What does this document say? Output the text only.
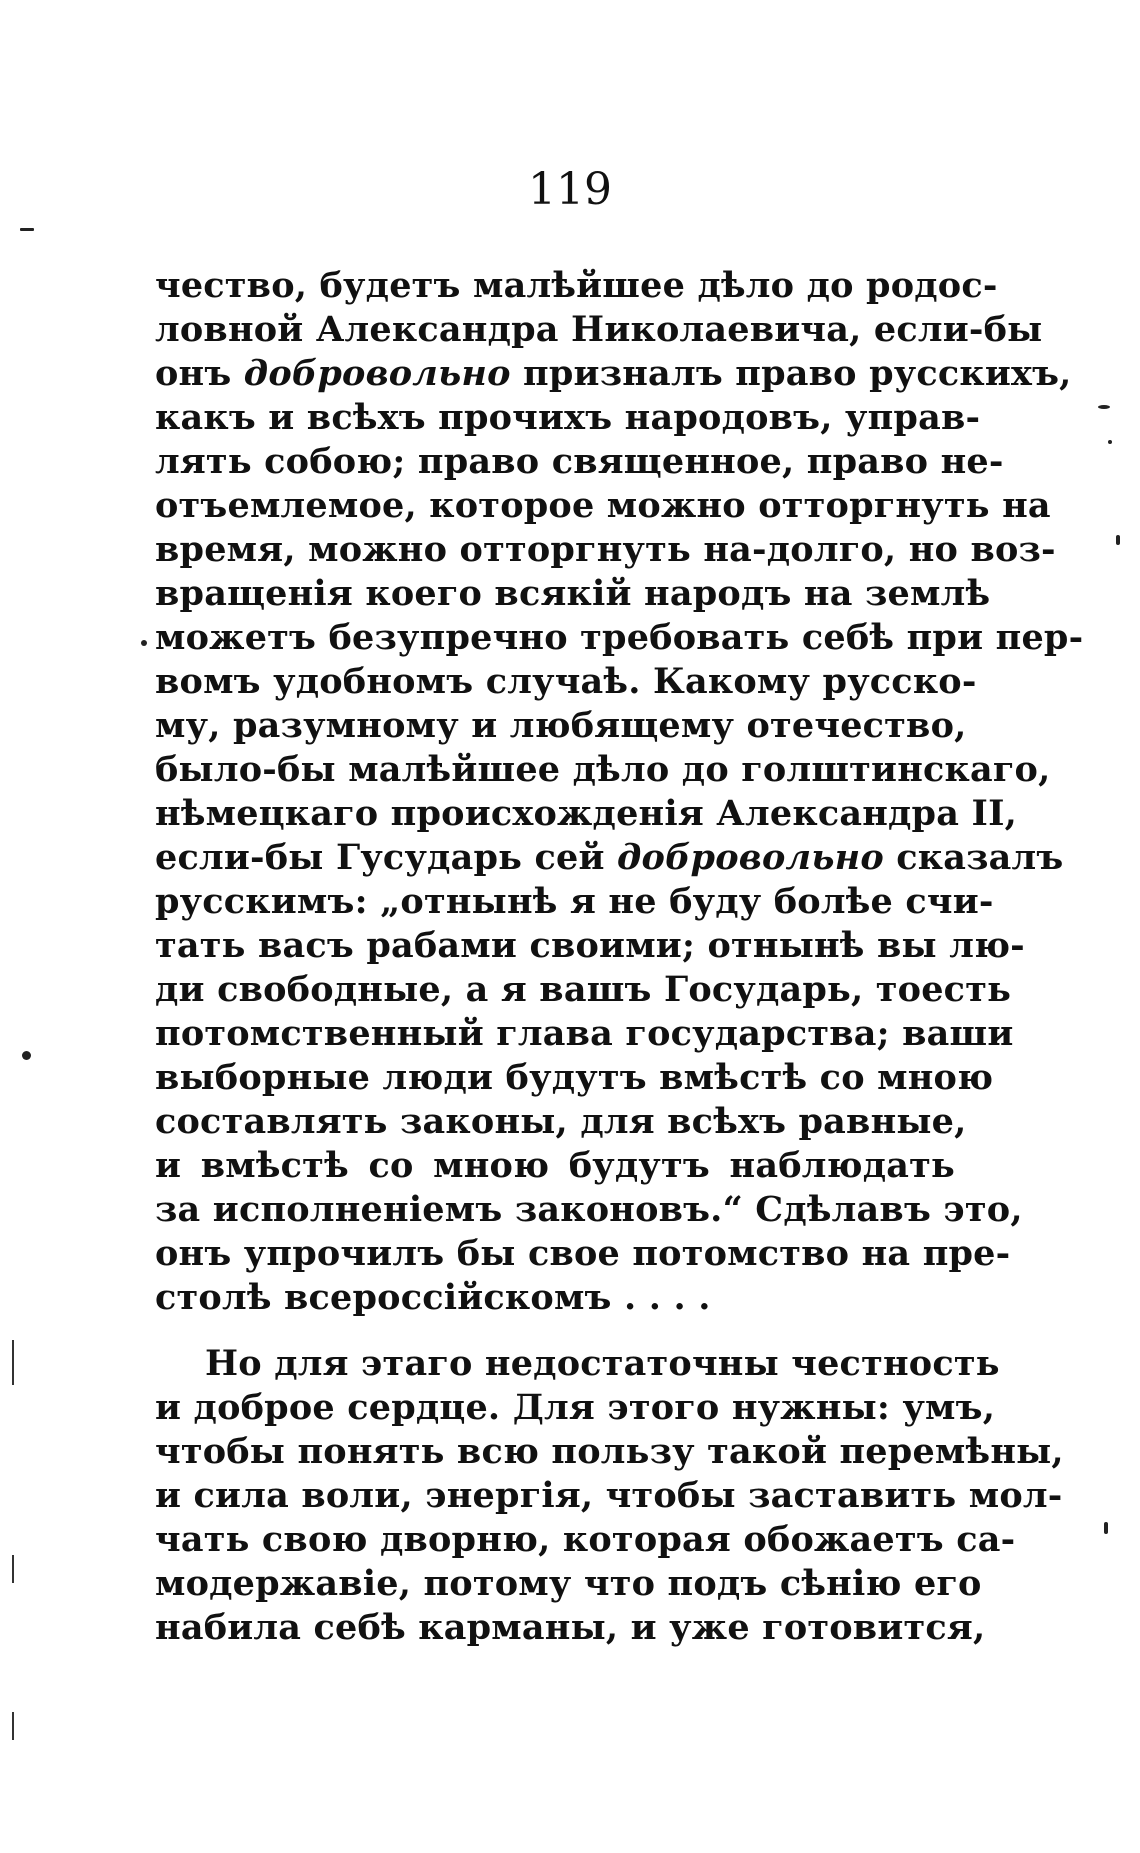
119
чество, будетъ малѣйшее дѣло до родос-
ловной Александра Николаевича, если-бы
онъ добровольно призналъ право русскихъ,
какъ и всѣхъ прочихъ народовъ, управ-
лять собою; право священное, право не-
отъемлемое, которое можно отторгнуть на
время, можно отторгнуть на-долго, но воз-
вращенія коего всякій народъ на землѣ
можетъ безупречно требовать себѣ при пер-
вомъ удобномъ случаѣ. Какому русско-
му, разумному и любящему отечество,
было-бы малѣйшее дѣло до голштинскаго,
нѣмецкаго происхожденія Александра II,
если-бы Гусударь сей добровольно сказалъ
русскимъ: „отнынѣ я не буду болѣе счи-
тать васъ рабами своими; отнынѣ вы лю-
ди свободные, а я вашъ Государь, тоесть
потомственный глава государства; ваши
выборные люди будутъ вмѣстѣ со мною
составлять законы, для всѣхъ равные,
и вмѣстѣ со мною будутъ наблюдать
за исполненіемъ законовъ.“ Сдѣлавъ это,
онъ упрочилъ бы свое потомство на пре-
столѣ всероссійскомъ . . . .
Но для этаго недостаточны честность
и доброе сердце. Для этого нужны: умъ,
чтобы понять всю пользу такой перемѣны,
и сила воли, энергія, чтобы заставить мол-
чать свою дворню, которая обожаетъ са-
модержавіе, потому что подъ сѣнію его
набила себѣ карманы, и уже готовится,
